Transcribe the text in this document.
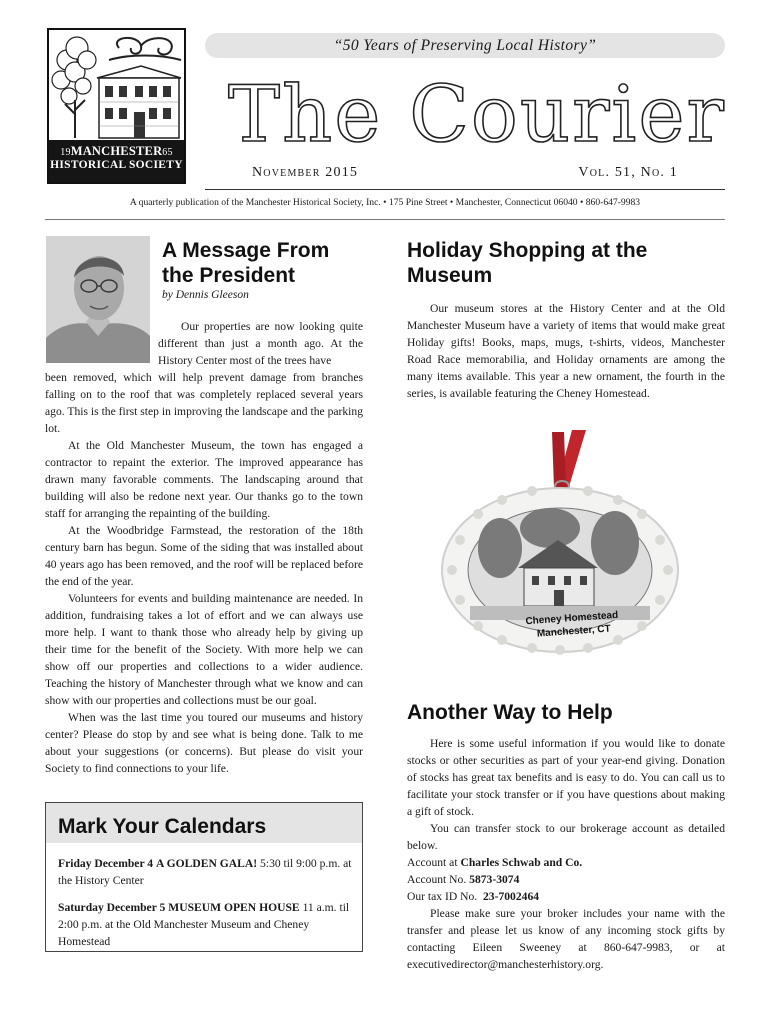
19MANCHESTER65
HISTORICAL SOCIETY
“50 Years of Preserving Local History”
The Courier
November 2015	Vol. 51, No. 1
A quarterly publication of the Manchester Historical Society, Inc. • 175 Pine Street • Manchester, Connecticut 06040 • 860-647-9983
A Message From the President
by Dennis Gleeson

Our properties are now looking quite different than just a month ago. At the History Center most of the trees have

been removed, which will help prevent damage from branches falling on to the roof that was completely replaced several years ago. This is the first step in improving the landscape and the parking lot.

At the Old Manchester Museum, the town has engaged a contractor to repaint the exterior. The improved appearance has drawn many favorable comments. The landscaping around that building will also be redone next year. Our thanks go to the town staff for arranging the repainting of the building.

At the Woodbridge Farmstead, the restoration of the 18th century barn has begun. Some of the siding that was installed about 40 years ago has been removed, and the roof will be replaced before the end of the year.

Volunteers for events and building maintenance are needed. In addition, fundraising takes a lot of effort and we can always use more help. I want to thank those who already help by giving up their time for the benefit of the Society. With more help we can show off our properties and collections to a wider audience. Teaching the history of Manchester through what we know and can show with our properties and collections must be our goal.

When was the last time you toured our museums and history center? Please do stop by and see what is being done. Talk to me about your suggestions (or concerns). But please do visit your Society to find connections to your life.

Mark Your Calendars
Friday December 4 A GOLDEN GALA! 5:30 til 9:00 p.m. at the History Center
Saturday December 5 MUSEUM OPEN HOUSE 11 a.m. til 2:00 p.m. at the Old Manchester Museum and Cheney Homestead
Holiday Shopping at the Museum

Our museum stores at the History Center and at the Old Manchester Museum have a variety of items that would make great Holiday gifts! Books, maps, mugs, t-shirts, videos, Manchester Road Race memorabilia, and Holiday ornaments are among the many items available. This year a new ornament, the fourth in the series, is available featuring the Cheney Homestead.

Cheney Homestead
Manchester, CT
Another Way to Help

Here is some useful information if you would like to donate stocks or other securities as part of your year-end giving. Donation of stocks has great tax benefits and is easy to do. You can call us to facilitate your stock transfer or if you have questions about making a gift of stock.

You can transfer stock to our brokerage account as detailed below.

Account at Charles Schwab and Co.

Account No. 5873-3074

Our tax ID No. 23-7002464

Please make sure your broker includes your name with the transfer and please let us know of any incoming stock gifts by contacting Eileen Sweeney at 860-647-9983, or at executivedirector@manchesterhistory.org.
